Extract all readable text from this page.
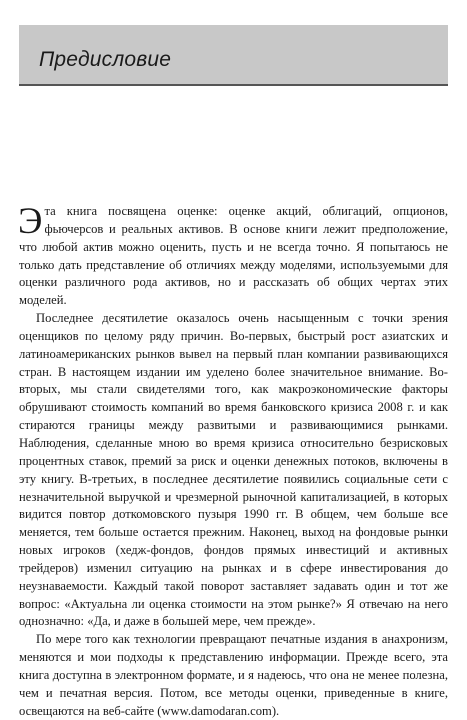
Предисловие

Эта книга посвящена оценке: оценке акций, облигаций, опционов, фьючерсов и реальных активов. В основе книги лежит предположение, что любой актив можно оценить, пусть и не всегда точно. Я попытаюсь не только дать представление об отличиях между моделями, используемыми для оценки различного рода активов, но и рассказать об общих чертах этих моделей.

Последнее десятилетие оказалось очень насыщенным с точки зрения оценщиков по целому ряду причин. Во-первых, быстрый рост азиатских и латиноамериканских рынков вывел на первый план компании развивающихся стран. В настоящем издании им уделено более значительное внимание. Во-вторых, мы стали свидетелями того, как макроэкономические факторы обрушивают стоимость компаний во время банковского кризиса 2008 г. и как стираются границы между развитыми и развивающимися рынками. Наблюдения, сделанные мною во время кризиса относительно безрисковых процентных ставок, премий за риск и оценки денежных потоков, включены в эту книгу. В-третьих, в последнее десятилетие появились социальные сети с незначительной выручкой и чрезмерной рыночной капитализацией, в которых видится повтор доткомовского пузыря 1990 гг. В общем, чем больше все меняется, тем больше остается прежним. Наконец, выход на фондовые рынки новых игроков (хедж-фондов, фондов прямых инвестиций и активных трейдеров) изменил ситуацию на рынках и в сфере инвестирования до неузнаваемости. Каждый такой поворот заставляет задавать один и тот же вопрос: «Актуальна ли оценка стоимости на этом рынке?» Я отвечаю на него однозначно: «Да, и даже в большей мере, чем прежде».

По мере того как технологии превращают печатные издания в анахронизм, меняются и мои подходы к представлению информации. Прежде всего, эта книга доступна в электронном формате, и я надеюсь, что она не менее полезна, чем и печатная версия. Потом, все методы оценки, приведенные в книге, освещаются на веб-сайте (www.damodaran.com).
